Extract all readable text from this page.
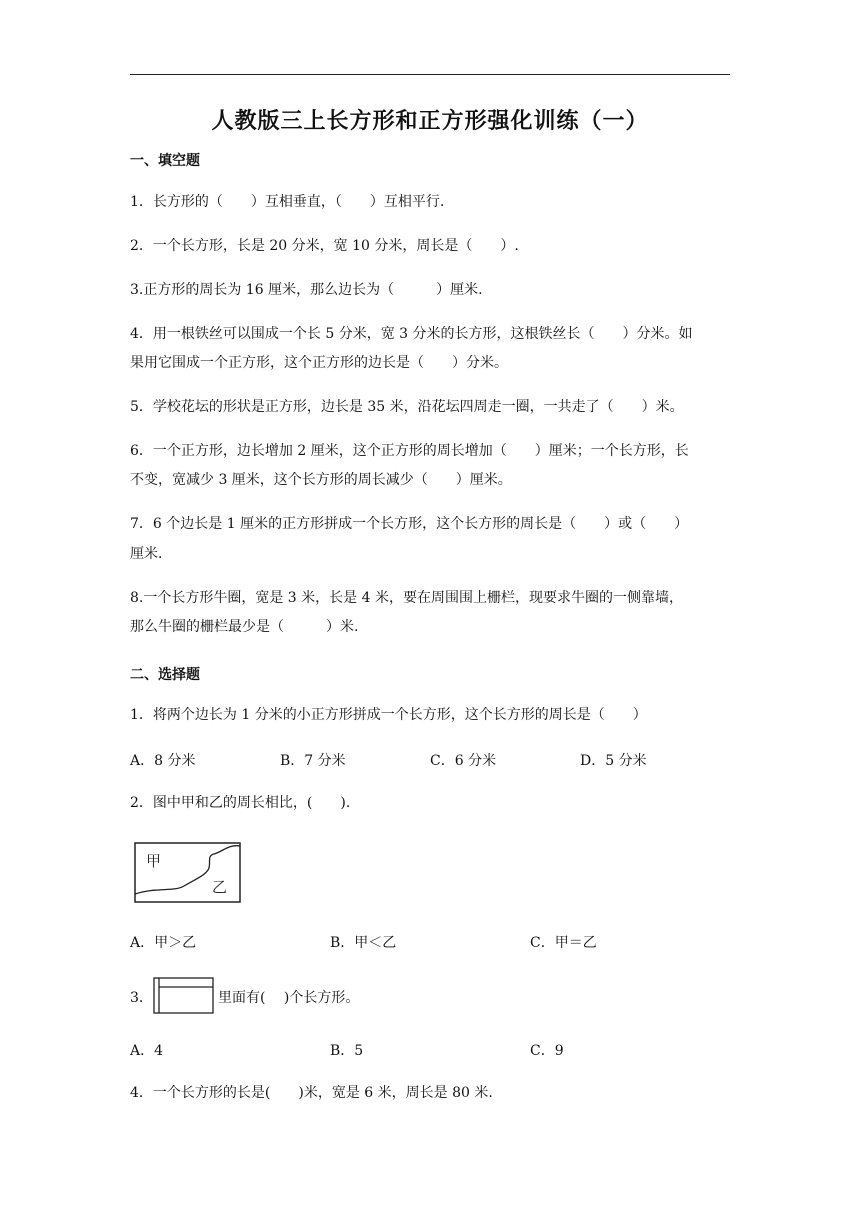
人教版三上长方形和正方形强化训练（一）
一、填空题
1．长方形的（　　）互相垂直，（　　）互相平行.
2．一个长方形，长是 20 分米，宽 10 分米，周长是（　　）.
3.正方形的周长为 16 厘米，那么边长为（　　　）厘米.
4．用一根铁丝可以围成一个长 5 分米，宽 3 分米的长方形，这根铁丝长（　　）分米。如
果用它围成一个正方形，这个正方形的边长是（　　）分米。
5．学校花坛的形状是正方形，边长是 35 米，沿花坛四周走一圈，一共走了（　　）米。
6．一个正方形，边长增加 2 厘米，这个正方形的周长增加（　　）厘米；一个长方形，长
不变，宽减少 3 厘米，这个长方形的周长减少（　　）厘米。
7．6 个边长是 1 厘米的正方形拼成一个长方形，这个长方形的周长是（　　）或（　　）
厘米.
8.一个长方形牛圈，宽是 3 米，长是 4 米，要在周围围上栅栏，现要求牛圈的一侧靠墙，
那么牛圈的栅栏最少是（　　　）米.
二、选择题
1．将两个边长为 1 分米的小正方形拼成一个长方形，这个长方形的周长是（　　）
A．8 分米	B．7 分米	C．6 分米	D．5 分米
2．图中甲和乙的周长相比，(　　).
甲
乙
A．甲＞乙	B．甲＜乙	C．甲＝乙
3．	里面有(　 )个长方形。
A．4	B．5	C．9
4．一个长方形的长是(　　)米，宽是 6 米，周长是 80 米.
